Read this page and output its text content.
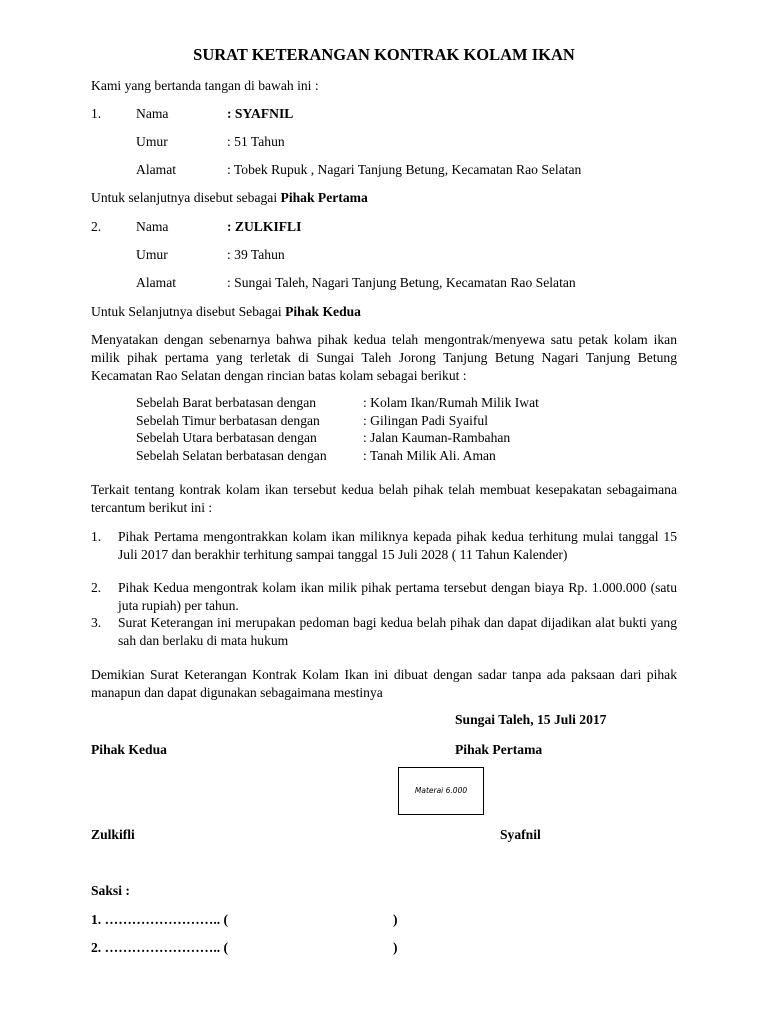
SURAT KETERANGAN KONTRAK KOLAM IKAN
Kami yang bertanda tangan di bawah ini :
1.	Nama	: SYAFNIL
Umur	: 51 Tahun
Alamat	: Tobek Rupuk , Nagari Tanjung Betung, Kecamatan Rao Selatan
Untuk selanjutnya disebut sebagai Pihak Pertama
2.	Nama	: ZULKIFLI
Umur	: 39 Tahun
Alamat	: Sungai Taleh, Nagari Tanjung Betung, Kecamatan Rao Selatan
Untuk Selanjutnya disebut Sebagai Pihak Kedua
Menyatakan dengan sebenarnya bahwa pihak kedua telah mengontrak/menyewa satu petak kolam ikan milik pihak pertama yang terletak di Sungai Taleh Jorong Tanjung Betung Nagari Tanjung Betung Kecamatan Rao Selatan dengan rincian batas kolam sebagai berikut :
Sebelah Barat berbatasan dengan	: Kolam Ikan/Rumah Milik Iwat
Sebelah Timur berbatasan dengan	: Gilingan Padi Syaiful
Sebelah Utara berbatasan dengan	: Jalan Kauman-Rambahan
Sebelah Selatan berbatasan dengan	: Tanah Milik Ali. Aman
Terkait tentang kontrak kolam ikan tersebut kedua belah pihak telah membuat kesepakatan sebagaimana tercantum berikut ini :
1. Pihak Pertama mengontrakkan kolam ikan miliknya kepada pihak kedua terhitung mulai tanggal 15 Juli 2017 dan berakhir terhitung sampai tanggal 15 Juli 2028 ( 11 Tahun Kalender)
2. Pihak Kedua mengontrak kolam ikan milik pihak pertama tersebut dengan biaya Rp. 1.000.000 (satu juta rupiah) per tahun.
3. Surat Keterangan ini merupakan pedoman bagi kedua belah pihak dan dapat dijadikan alat bukti yang sah dan berlaku di mata hukum
Demikian Surat Keterangan Kontrak Kolam Ikan ini dibuat dengan sadar tanpa ada paksaan dari pihak manapun dan dapat digunakan sebagaimana mestinya
Sungai Taleh, 15 Juli 2017
Pihak Kedua	Pihak Pertama
Materai 6.000
Zulkifli	Syafnil
Saksi :
1. …………………….. (	)
2. …………………….. (	)
